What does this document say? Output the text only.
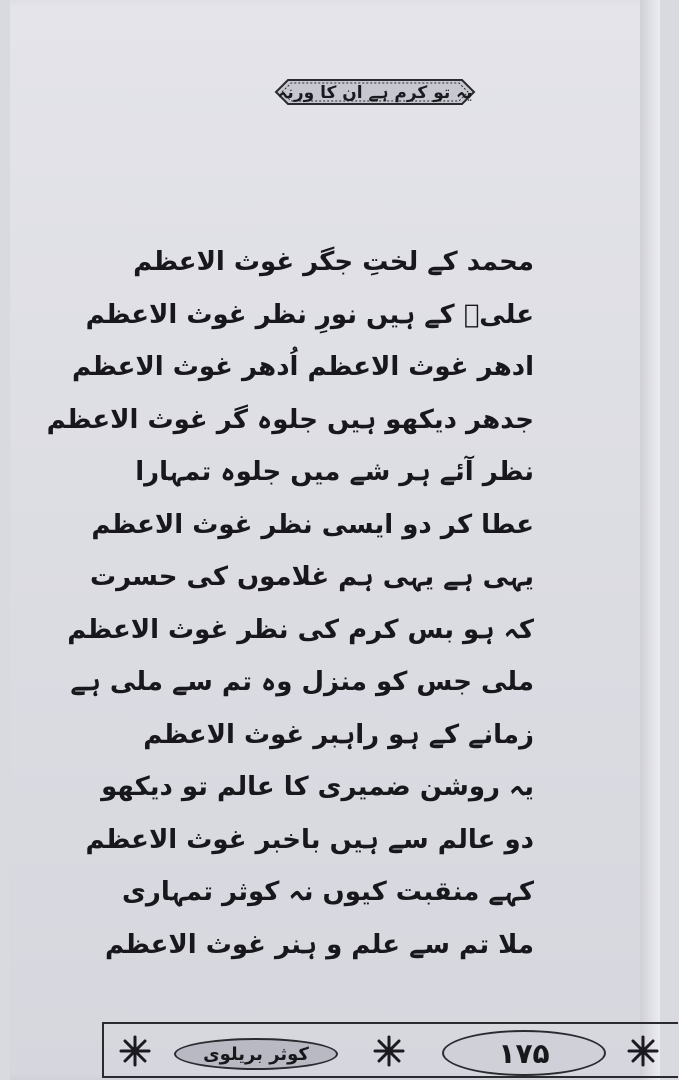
یہ تو کرم ہے ان کا ورنہ
محمد کے لختِ جگر غوث الاعظم
علیؓ کے ہیں نورِ نظر غوث الاعظم
ادھر غوث الاعظم اُدھر غوث الاعظم
جدھر دیکھو ہیں جلوہ گر غوث الاعظم
نظر آئے ہر شے میں جلوہ تمہارا
عطا کر دو ایسی نظر غوث الاعظم
یہی ہے یہی ہم غلاموں کی حسرت
کہ ہو بس کرم کی نظر غوث الاعظم
ملی جس کو منزل وہ تم سے ملی ہے
زمانے کے ہو راہبر غوث الاعظم
یہ روشن ضمیری کا عالم تو دیکھو
دو عالم سے ہیں باخبر غوث الاعظم
کہے منقبت کیوں نہ کوثر تمہاری
ملا تم سے علم و ہنر غوث الاعظم
کوثر بریلوی	۱۷۵
